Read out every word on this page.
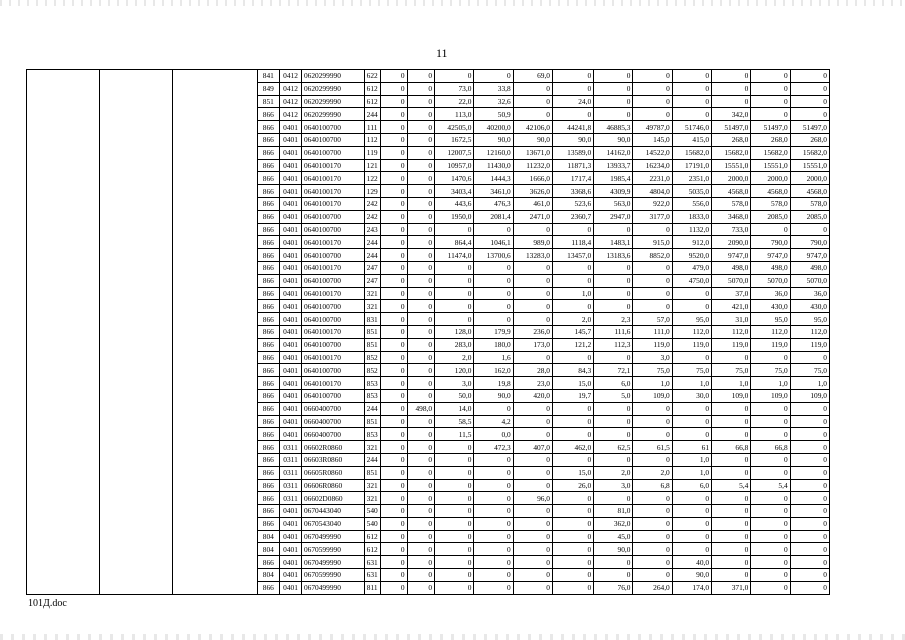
11
			841	0412	0620299990	622	0	0	0	0	69,0	0	0	0	0	0	0	0
			849	0412	0620299990	612	0	0	73,0	33,8	0	0	0	0	0	0	0	0
			851	0412	0620299990	612	0	0	22,0	32,6	0	24,0	0	0	0	0	0	0
			866	0412	0620299990	244	0	0	113,0	50,9	0	0	0	0	0	342,0	0	0
			866	0401	0640100700	111	0	0	42505,0	40200,0	42106,0	44241,8	46885,3	49787,0	51746,0	51497,0	51497,0	51497,0
			866	0401	0640100700	112	0	0	1672,5	90,0	90,0	90,0	90,0	145,0	415,0	268,0	268,0	268,0
			866	0401	0640100700	119	0	0	12007,5	12160,0	13671,0	13589,0	14162,0	14522,0	15682,0	15682,0	15682,0	15682,0
			866	0401	0640100170	121	0	0	10957,0	11430,0	11232,0	11871,3	13933,7	16234,0	17191,0	15551,0	15551,0	15551,0
			866	0401	0640100170	122	0	0	1470,6	1444,3	1666,0	1717,4	1985,4	2231,0	2351,0	2000,0	2000,0	2000,0
			866	0401	0640100170	129	0	0	3403,4	3461,0	3626,0	3368,6	4309,9	4804,0	5035,0	4568,0	4568,0	4568,0
			866	0401	0640100170	242	0	0	443,6	476,3	461,0	523,6	563,0	922,0	556,0	578,0	578,0	578,0
			866	0401	0640100700	242	0	0	1950,0	2081,4	2471,0	2360,7	2947,0	3177,0	1833,0	3468,0	2085,0	2085,0
			866	0401	0640100700	243	0	0	0	0	0	0	0	0	1132,0	733,0	0	0
			866	0401	0640100170	244	0	0	864,4	1046,1	989,0	1118,4	1483,1	915,0	912,0	2090,0	790,0	790,0
			866	0401	0640100700	244	0	0	11474,0	13700,6	13283,0	13457,0	13183,6	8852,0	9520,0	9747,0	9747,0	9747,0
			866	0401	0640100170	247	0	0	0	0	0	0	0	0	479,0	498,0	498,0	498,0
			866	0401	0640100700	247	0	0	0	0	0	0	0	0	4750,0	5070,0	5070,0	5070,0
			866	0401	0640100170	321	0	0	0	0	0	1,0	0	0	0	37,0	36,0	36,0
			866	0401	0640100700	321	0	0	0	0	0	0	0	0	0	421,0	430,0	430,0
			866	0401	0640100700	831	0	0	0	0	0	2,0	2,3	57,0	95,0	31,0	95,0	95,0
			866	0401	0640100170	851	0	0	128,0	179,9	236,0	145,7	111,6	111,0	112,0	112,0	112,0	112,0
			866	0401	0640100700	851	0	0	283,0	180,0	173,0	121,2	112,3	119,0	119,0	119,0	119,0	119,0
			866	0401	0640100170	852	0	0	2,0	1,6	0	0	0	3,0	0	0	0	0
			866	0401	0640100700	852	0	0	120,0	162,0	28,0	84,3	72,1	75,0	75,0	75,0	75,0	75,0
			866	0401	0640100170	853	0	0	3,0	19,8	23,0	15,0	6,0	1,0	1,0	1,0	1,0	1,0
			866	0401	0640100700	853	0	0	50,0	90,0	420,0	19,7	5,0	109,0	30,0	109,0	109,0	109,0
			866	0401	0660400700	244	0	498,0	14,0	0	0	0	0	0	0	0	0	0
			866	0401	0660400700	851	0	0	58,5	4,2	0	0	0	0	0	0	0	0
			866	0401	0660400700	853	0	0	11,5	0,0	0	0	0	0	0	0	0	0
			866	0311	06602R0860	321	0	0	0	472,3	407,0	462,0	62,5	61,5	61	66,8	66,8	0
			866	0311	06603R0860	244	0	0	0	0	0	0	0	0	1,0	0	0	0
			866	0311	06605R0860	851	0	0	0	0	0	15,0	2,0	2,0	1,0	0	0	0
			866	0311	06606R0860	321	0	0	0	0	0	26,0	3,0	6,8	6,0	5,4	5,4	0
			866	0311	06602D0860	321	0	0	0	0	96,0	0	0	0	0	0	0	0
			866	0401	0670443040	540	0	0	0	0	0	0	81,0	0	0	0	0	0
			866	0401	0670543040	540	0	0	0	0	0	0	362,0	0	0	0	0	0
			804	0401	0670499990	612	0	0	0	0	0	0	45,0	0	0	0	0	0
			804	0401	0670599990	612	0	0	0	0	0	0	90,0	0	0	0	0	0
			866	0401	0670499990	631	0	0	0	0	0	0	0	0	40,0	0	0	0
			804	0401	0670599990	631	0	0	0	0	0	0	0	0	90,0	0	0	0
			866	0401	0670499990	811	0	0	0	0	0	0	76,0	264,0	174,0	371,0	0	0
101Д.doc
